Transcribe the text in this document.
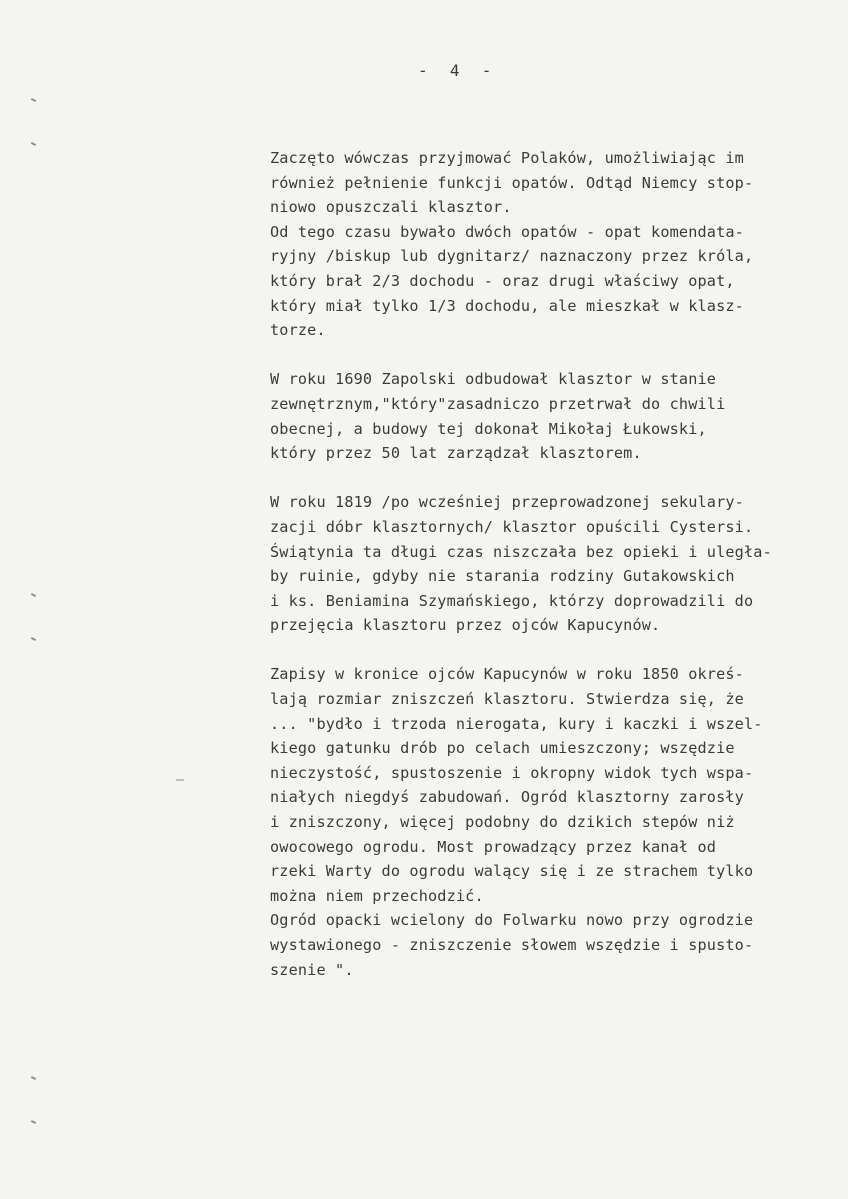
-  4  -
Zaczęto wówczas przyjmować Polaków, umożliwiając im
również pełnienie funkcji opatów. Odtąd Niemcy stop-
niowo opuszczali klasztor.
Od tego czasu bywało dwóch opatów - opat komendata-
ryjny /biskup lub dygnitarz/ naznaczony przez króla,
który brał 2/3 dochodu - oraz drugi właściwy opat,
który miał tylko 1/3 dochodu, ale mieszkał w klasz-
torze.
W roku 1690 Zapolski odbudował klasztor w stanie
zewnętrznym,"który"zasadniczo przetrwał do chwili
obecnej, a budowy tej dokonał Mikołaj Łukowski,
który przez 50 lat zarządzał klasztorem.
W roku 1819 /po wcześniej przeprowadzonej sekulary-
zacji dóbr klasztornych/ klasztor opuścili Cystersi.
Świątynia ta długi czas niszczała bez opieki i uległa-
by ruinie, gdyby nie starania rodziny Gutakowskich
i ks. Beniamina Szymańskiego, którzy doprowadzili do
przejęcia klasztoru przez ojców Kapucynów.
Zapisy w kronice ojców Kapucynów w roku 1850 okreś-
lają rozmiar zniszczeń klasztoru. Stwierdza się, że
... "bydło i trzoda nierogata, kury i kaczki i wszel-
kiego gatunku drób po celach umieszczony; wszędzie
nieczystość, spustoszenie i okropny widok tych wspa-
niałych niegdyś zabudowań. Ogród klasztorny zarosły
i zniszczony, więcej podobny do dzikich stepów niż
owocowego ogrodu. Most prowadzący przez kanał od
rzeki Warty do ogrodu walący się i ze strachem tylko
można niem przechodzić.
Ogród opacki wcielony do Folwarku nowo przy ogrodzie
wystawionego - zniszczenie słowem wszędzie i spusto-
szenie ".
